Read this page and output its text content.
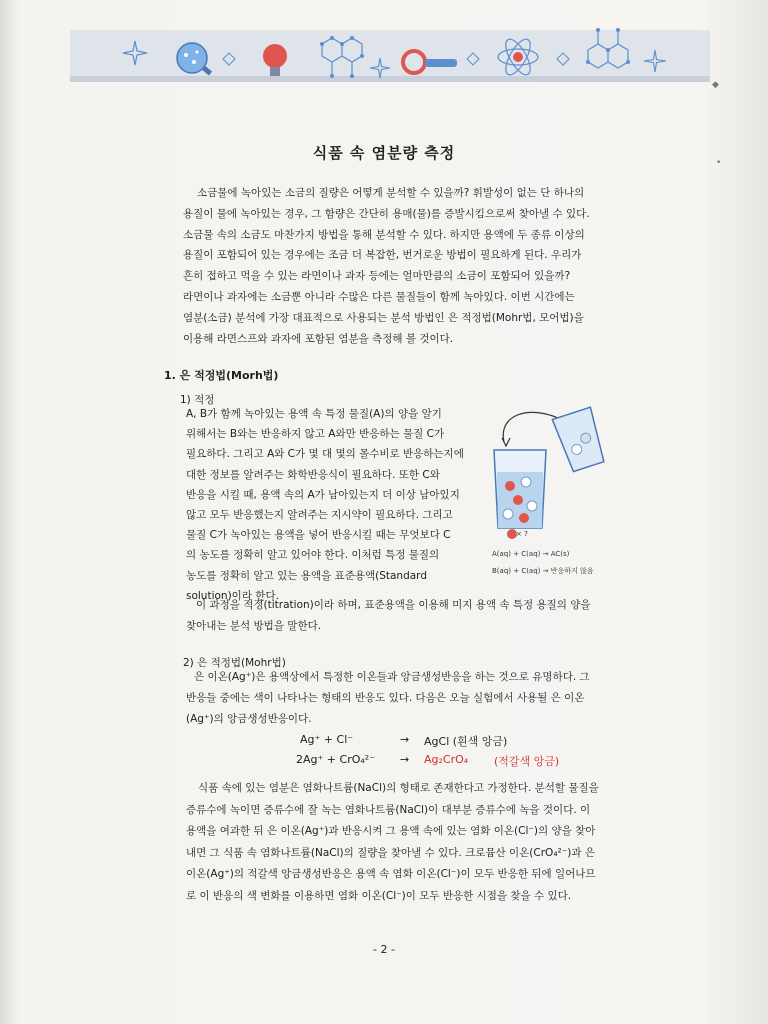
◆
•
식품 속 염분량 측정

소금물에 녹아있는 소금의 질량은 어떻게 분석할 수 있을까? 휘발성이 없는 단 하나의

용질이 물에 녹아있는 경우, 그 함량은 간단히 용매(물)를 증발시킴으로써 찾아낼 수 있다.

소금물 속의 소금도 마찬가지 방법을 통해 분석할 수 있다. 하지만 용액에 두 종류 이상의

용질이 포함되어 있는 경우에는 조금 더 복잡한, 번거로운 방법이 필요하게 된다. 우리가

흔히 접하고 먹을 수 있는 라면이나 과자 등에는 얼마만큼의 소금이 포함되어 있을까?

라면이나 과자에는 소금뿐 아니라 수많은 다른 물질들이 함께 녹아있다. 이번 시간에는

염분(소금) 분석에 가장 대표적으로 사용되는 분석 방법인 은 적정법(Mohr법, 모어법)을

이용해 라면스프와 과자에 포함된 염분을 측정해 볼 것이다.

1. 은 적정법(Morh법)
1) 적정

A, B가 함께 녹아있는 용액 속 특정 물질(A)의 양을 알기

위해서는 B와는 반응하지 않고 A와만 반응하는 물질 C가

필요하다. 그리고 A와 C가 몇 대 몇의 몰수비로 반응하는지에

대한 정보를 알려주는 화학반응식이 필요하다. 또한 C와

반응을 시킬 때, 용액 속의 A가 남아있는지 더 이상 남아있지

않고 모두 반응했는지 알려주는 지시약이 필요하다. 그리고

물질 C가 녹아있는 용액을 넣어 반응시킬 때는 무엇보다 C

의 농도를 정확히 알고 있어야 한다. 이처럼 특정 물질의

농도를 정확히 알고 있는 용액을 표준용액(Standard

solution)이라 한다.

× ?
A(aq) + C(aq) → AC(s)
B(aq) + C(aq) → 반응하지 않음

이 과정을 적정(titration)이라 하며, 표준용액을 이용해 미지 용액 속 특정 용질의 양을

찾아내는 분석 방법을 말한다.

2) 은 적정법(Mohr법)

은 이온(Ag⁺)은 용액상에서 특정한 이온들과 앙금생성반응을 하는 것으로 유명하다. 그

반응들 중에는 색이 나타나는 형태의 반응도 있다. 다음은 오늘 실험에서 사용될 은 이온

(Ag⁺)의 앙금생성반응이다.

Ag⁺ + Cl⁻	→ AgCl (흰색 앙금)
2Ag⁺ + CrO₄²⁻ → Ag₂CrO₄ (적갈색 앙금)

식품 속에 있는 염분은 염화나트륨(NaCl)의 형태로 존재한다고 가정한다. 분석할 물질을

증류수에 녹이면 증류수에 잘 녹는 염화나트륨(NaCl)이 대부분 증류수에 녹을 것이다. 이

용액을 여과한 뒤 은 이온(Ag⁺)과 반응시켜 그 용액 속에 있는 염화 이온(Cl⁻)의 양을 찾아

내면 그 식품 속 염화나트륨(NaCl)의 질량을 찾아낼 수 있다. 크로뮴산 이온(CrO₄²⁻)과 은

이온(Ag⁺)의 적갈색 앙금생성반응은 용액 속 염화 이온(Cl⁻)이 모두 반응한 뒤에 일어나므

로 이 반응의 색 변화를 이용하면 염화 이온(Cl⁻)이 모두 반응한 시점을 찾을 수 있다.

- 2 -
